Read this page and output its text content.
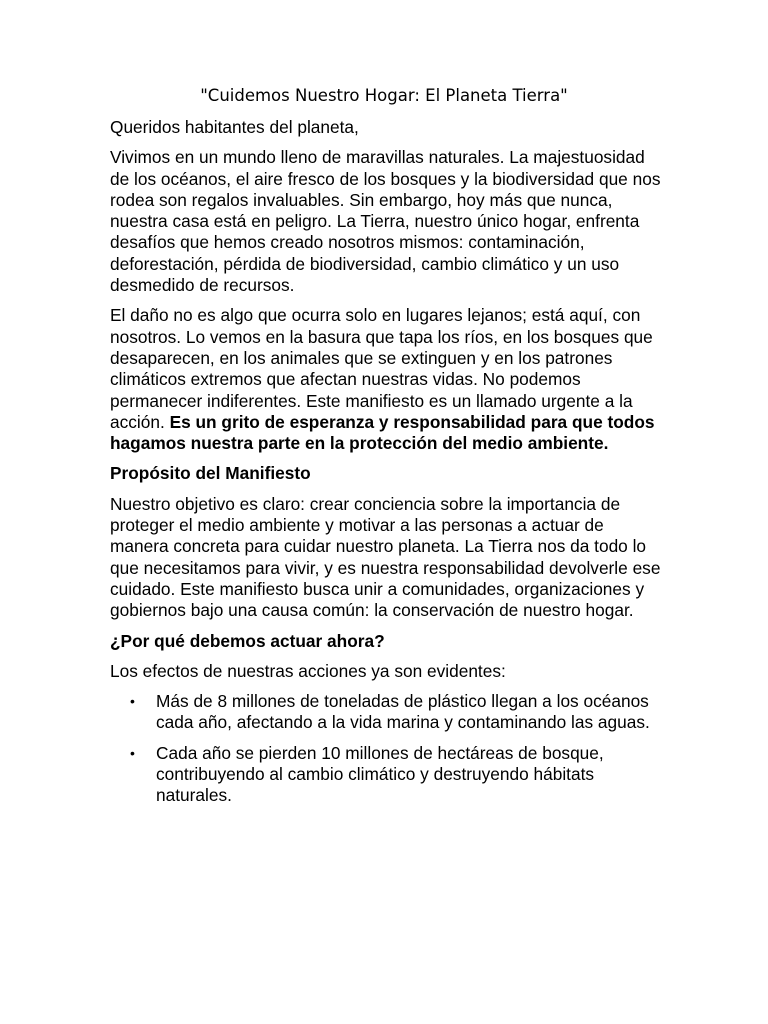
"Cuidemos Nuestro Hogar: El Planeta Tierra"

Queridos habitantes del planeta,

Vivimos en un mundo lleno de maravillas naturales. La majestuosidad de los océanos, el aire fresco de los bosques y la biodiversidad que nos rodea son regalos invaluables. Sin embargo, hoy más que nunca, nuestra casa está en peligro. La Tierra, nuestro único hogar, enfrenta desafíos que hemos creado nosotros mismos: contaminación, deforestación, pérdida de biodiversidad, cambio climático y un uso desmedido de recursos.

El daño no es algo que ocurra solo en lugares lejanos; está aquí, con nosotros. Lo vemos en la basura que tapa los ríos, en los bosques que desaparecen, en los animales que se extinguen y en los patrones climáticos extremos que afectan nuestras vidas. No podemos permanecer indiferentes. Este manifiesto es un llamado urgente a la acción. Es un grito de esperanza y responsabilidad para que todos hagamos nuestra parte en la protección del medio ambiente.

Propósito del Manifiesto

Nuestro objetivo es claro: crear conciencia sobre la importancia de proteger el medio ambiente y motivar a las personas a actuar de manera concreta para cuidar nuestro planeta. La Tierra nos da todo lo que necesitamos para vivir, y es nuestra responsabilidad devolverle ese cuidado. Este manifiesto busca unir a comunidades, organizaciones y gobiernos bajo una causa común: la conservación de nuestro hogar.

¿Por qué debemos actuar ahora?

Los efectos de nuestras acciones ya son evidentes:

• Más de 8 millones de toneladas de plástico llegan a los océanos cada año, afectando a la vida marina y contaminando las aguas.
• Cada año se pierden 10 millones de hectáreas de bosque, contribuyendo al cambio climático y destruyendo hábitats naturales.
